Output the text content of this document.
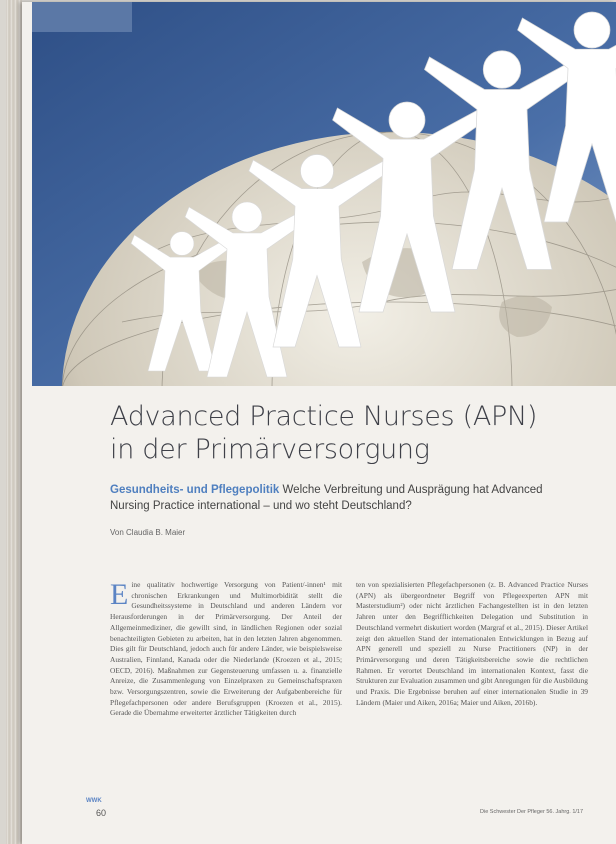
Advanced Practice Nurses (APN)
in der Primärversorgung
Gesundheits- und Pflegepolitik Welche Verbreitung und Ausprägung hat Advanced Nursing Practice international – und wo steht Deutschland?
Von Claudia B. Maier
E ine qualitativ hochwertige Versorgung von Patient/-innen¹ mit chronischen Erkrankungen und Multimorbidität stellt die Gesundheitssysteme in Deutschland und anderen Ländern vor Herausforderungen in der Primärversorgung. Der Anteil der Allgemeinmediziner, die gewillt sind, in ländlichen Regionen oder sozial benachteiligten Gebieten zu arbeiten, hat in den letzten Jahren abgenommen. Dies gilt für Deutschland, jedoch auch für andere Länder, wie beispielsweise Australien, Finnland, Kanada oder die Niederlande (Kroezen et al., 2015; OECD, 2016). Maßnahmen zur Gegensteuerung umfassen u. a. finanzielle Anreize, die Zusammenlegung von Einzelpraxen zu Gemeinschaftspraxen bzw. Versorgungszentren, sowie die Erweiterung der Aufgabenbereiche für Pflegefachpersonen oder andere Berufsgruppen (Kroezen et al., 2015). Gerade die Übernahme erweiterter ärztlicher Tätigkeiten durch
ten von spezialisierten Pflegefachpersonen (z. B. Advanced Practice Nurses (APN) als übergeordneter Begriff von Pflegeexperten APN mit Masterstudium²) oder nicht ärztlichen Fachangestellten ist in den letzten Jahren unter den Begrifflichkeiten Delegation und Substitution in Deutschland vermehrt diskutiert worden (Margraf et al., 2015). Dieser Artikel zeigt den aktuellen Stand der internationalen Entwicklungen in Bezug auf APN generell und speziell zu Nurse Practitioners (NP) in der Primärversorgung und deren Tätigkeitsbereiche sowie die rechtlichen Rahmen. Er verortet Deutschland im internationalen Kontext, fasst die Strukturen zur Evaluation zusammen und gibt Anregungen für die Ausbildung und Praxis. Die Ergebnisse beruhen auf einer internationalen Studie in 39 Ländern (Maier und Aiken, 2016a; Maier und Aiken, 2016b).
WWK
60	Die Schwester Der Pfleger 56. Jahrg. 1/17
